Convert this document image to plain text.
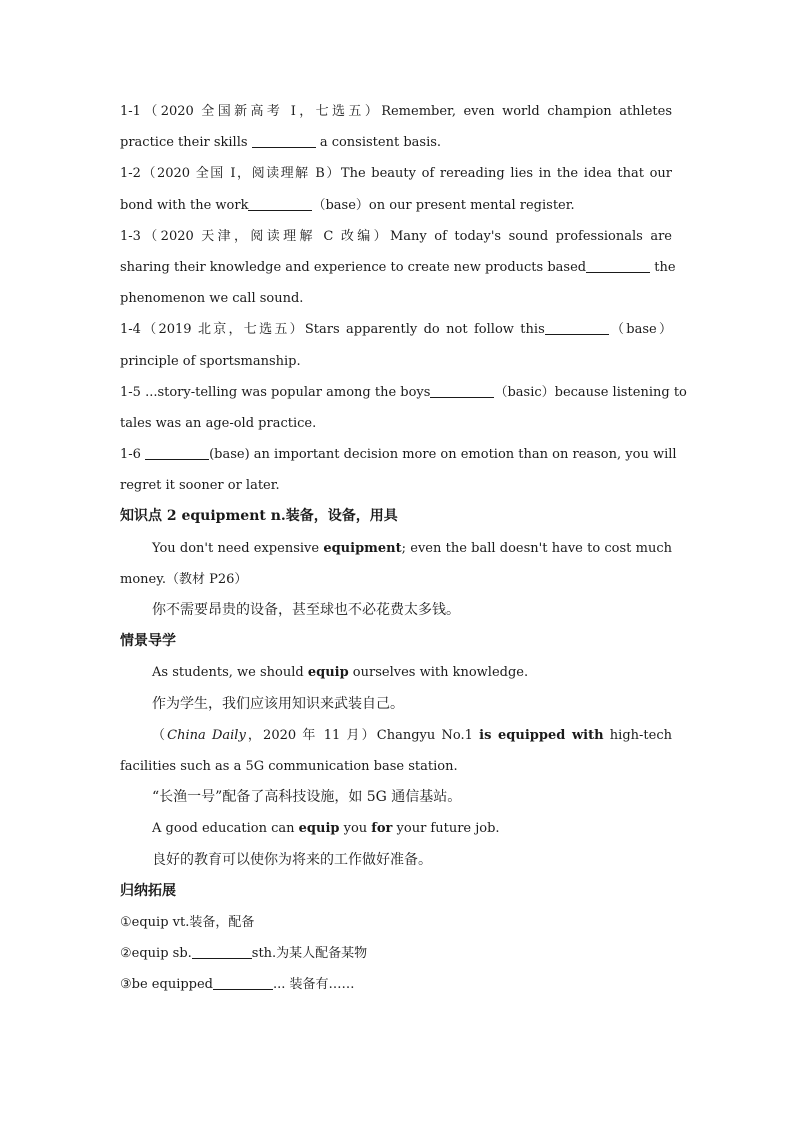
1-1（2020 全国新高考 I，七选五）Remember, even world champion athletes
practice their skills	a consistent basis.
1-2（2020 全国 I，阅读理解 B）The beauty of rereading lies in the idea that our
bond with the work	（base）on our present mental register.
1-3（2020 天津，阅读理解 C 改编）Many of today's sound professionals are
sharing their knowledge and experience to create new products based	the
phenomenon we call sound.
1-4（2019 北京，七选五）Stars apparently do not follow this	（base）
principle of sportsmanship.
1-5 ...story-telling was popular among the boys	（basic）because listening to
tales was an age-old practice.
1-6	(base) an important decision more on emotion than on reason, you will
regret it sooner or later.
知识点 2 equipment n.装备，设备，用具
You don't need expensive equipment; even the ball doesn't have to cost much
money.（教材 P26）
你不需要昂贵的设备，甚至球也不必花费太多钱。
情景导学
As students, we should equip ourselves with knowledge.
作为学生，我们应该用知识来武装自己。
（China Daily，2020 年 11 月）Changyu No.1 is equipped with high-tech
facilities such as a 5G communication base station.
“长渔一号”配备了高科技设施，如 5G 通信基站。
A good education can equip you for your future job.
良好的教育可以使你为将来的工作做好准备。
归纳拓展
①equip vt.装备，配备
②equip sb.	sth.为某人配备某物
③be equipped	... 装备有……
